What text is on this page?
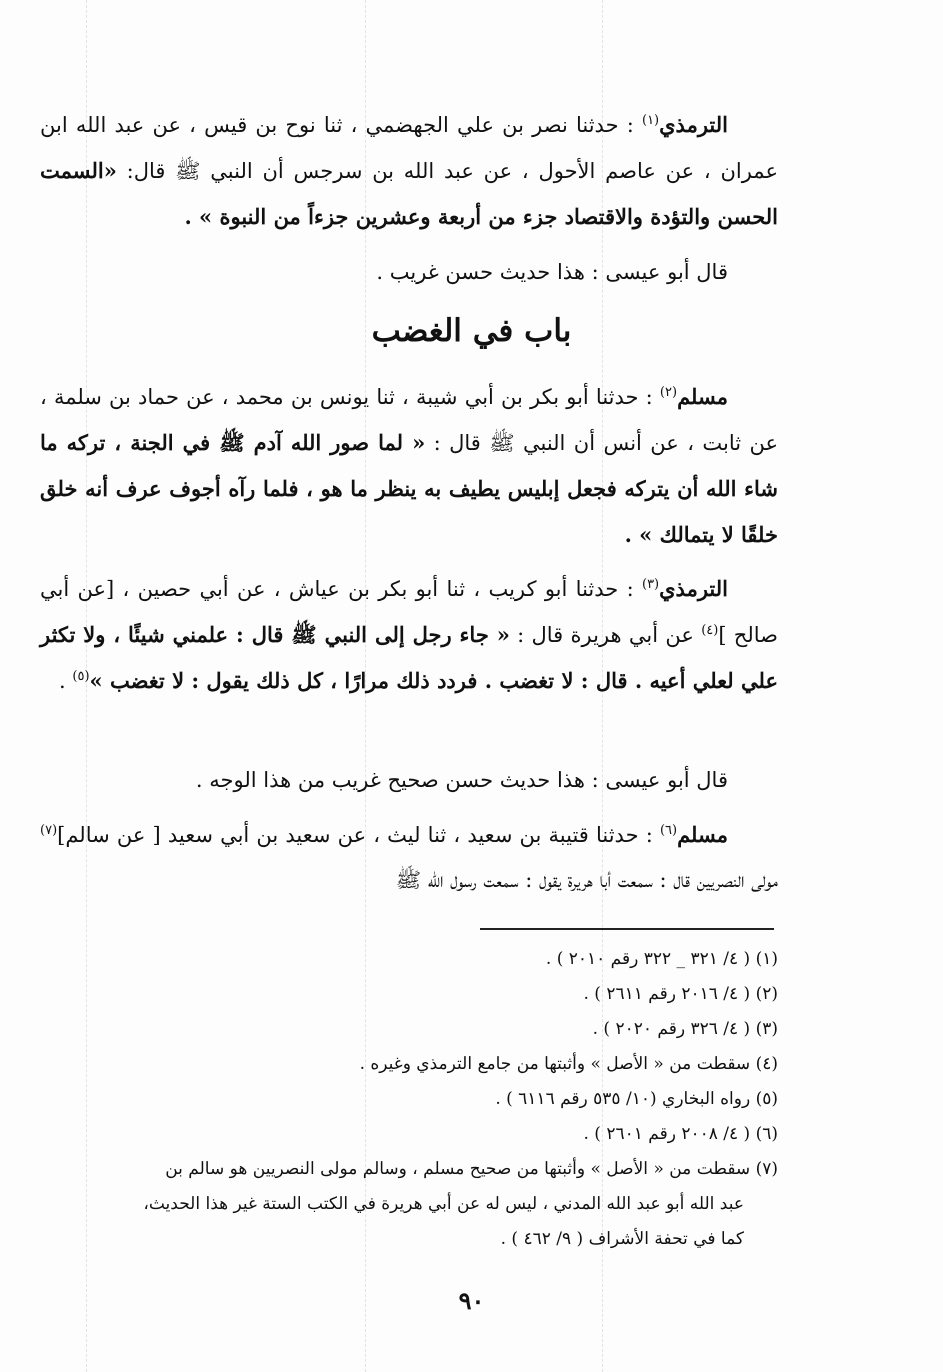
الترمذي$^{(١)}$ : حدثنا نصر بن علي الجهضمي ، ثنا نوح بن قيس ، عن عبد الله ابن عمران ، عن عاصم الأحول ، عن عبد الله بن سرجس أن النبي ﷺ قال: «السمت الحسن والتؤدة والاقتصاد جزء من أربعة وعشرين جزءاً من النبوة » .

قال أبو عيسى : هذا حديث حسن غريب .

باب في الغضب

مسلم$^{(٢)}$ : حدثنا أبو بكر بن أبي شيبة ، ثنا يونس بن محمد ، عن حماد بن سلمة ، عن ثابت ، عن أنس أن النبي ﷺ قال : « لما صور الله آدم ﷺ في الجنة ، تركه ما شاء الله أن يتركه فجعل إبليس يطيف به ينظر ما هو ، فلما رآه أجوف عرف أنه خلق خلقًا لا يتمالك » .

الترمذي$^{(٣)}$ : حدثنا أبو كريب ، ثنا أبو بكر بن عياش ، عن أبي حصين ، [عن أبي صالح ]$^{(٤)}$ عن أبي هريرة قال : « جاء رجل إلى النبي ﷺ قال : علمني شيئًا ، ولا تكثر علي لعلي أعيه . قال : لا تغضب . فردد ذلك مرارًا ، كل ذلك يقول : لا تغضب »$^{(٥)}$ .

قال أبو عيسى : هذا حديث حسن صحيح غريب من هذا الوجه .

مسلم$^{(٦)}$ : حدثنا قتيبة بن سعيد ، ثنا ليث ، عن سعيد بن أبي سعيد [ عن سالم]$^{(٧)}$ مولى النصريين قال : سمعت أبا هريرة يقول : سمعت رسول الله ﷺ

(١) ( ٤/ ٣٢١ _ ٣٢٢ رقم ٢٠١٠ ) .

(٢) ( ٤/ ٢٠١٦ رقم ٢٦١١ ) .

(٣) ( ٤/ ٣٢٦ رقم ٢٠٢٠ ) .

(٤) سقطت من « الأصل » وأثبتها من جامع الترمذي وغيره .

(٥) رواه البخاري (١٠/ ٥٣٥ رقم ٦١١٦ ) .

(٦) ( ٤/ ٢٠٠٨ رقم ٢٦٠١ ) .

(٧) سقطت من « الأصل » وأثبتها من صحيح مسلم ، وسالم مولى النصريين هو سالم بن

عبد الله أبو عبد الله المدني ، ليس له عن أبي هريرة في الكتب الستة غير هذا الحديث،

كما في تحفة الأشراف ( ٩/ ٤٦٢ ) .

٩٠
